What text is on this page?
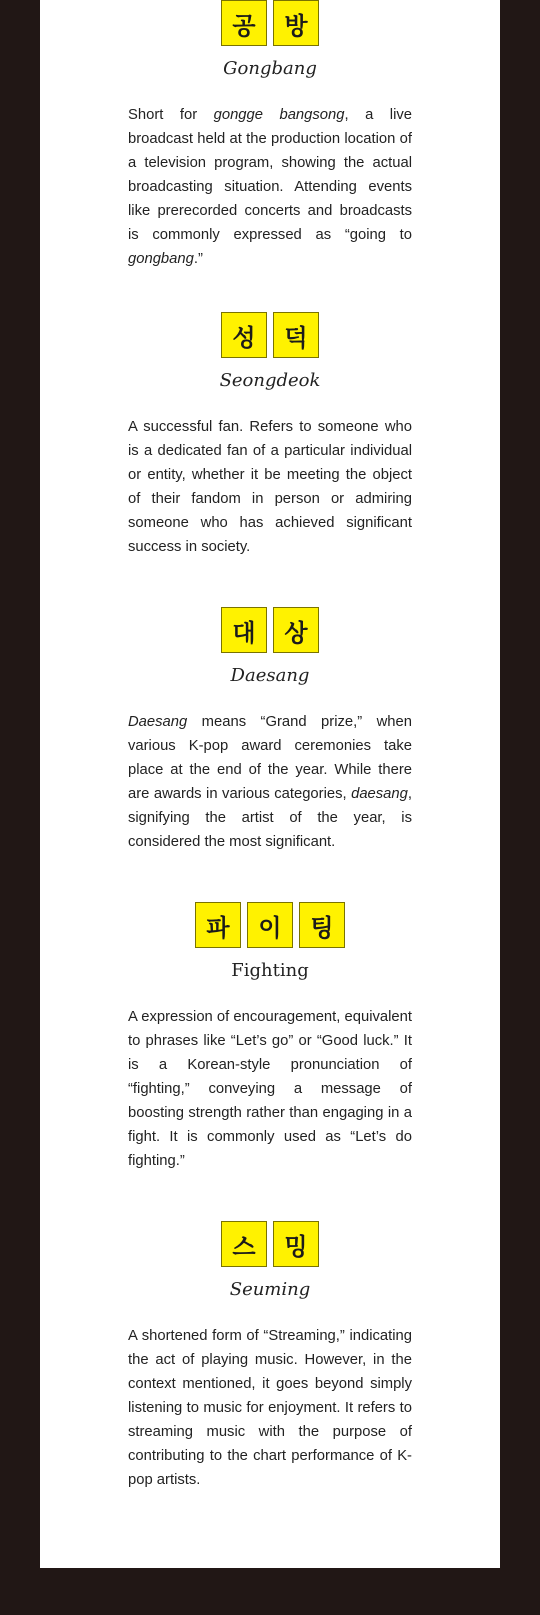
공	방
Gongbang

Short for gongge bangsong, a live broadcast held at the production location of a television program, showing the actual broadcasting situation. Attending events like prerecorded concerts and broadcasts is commonly expressed as “going to gongbang.”

성	덕
Seongdeok

A successful fan. Refers to someone who is a dedicated fan of a particular individual or entity, whether it be meeting the object of their fandom in person or admiring someone who has achieved significant success in society.

대	상
Daesang

Daesang means “Grand prize,” when various K-pop award ceremonies take place at the end of the year. While there are awards in various categories, daesang, signifying the artist of the year, is considered the most significant.

파	이	팅
Fighting

A expression of encouragement, equivalent to phrases like “Let’s go” or “Good luck.” It is a Korean-style pronunciation of “fighting,” conveying a message of boosting strength rather than engaging in a fight. It is commonly used as “Let’s do fighting.”

스	밍
Seuming

A shortened form of “Streaming,” indicating the act of playing music. However, in the context mentioned, it goes beyond simply listening to music for enjoyment. It refers to streaming music with the purpose of contributing to the chart performance of K-pop artists.
